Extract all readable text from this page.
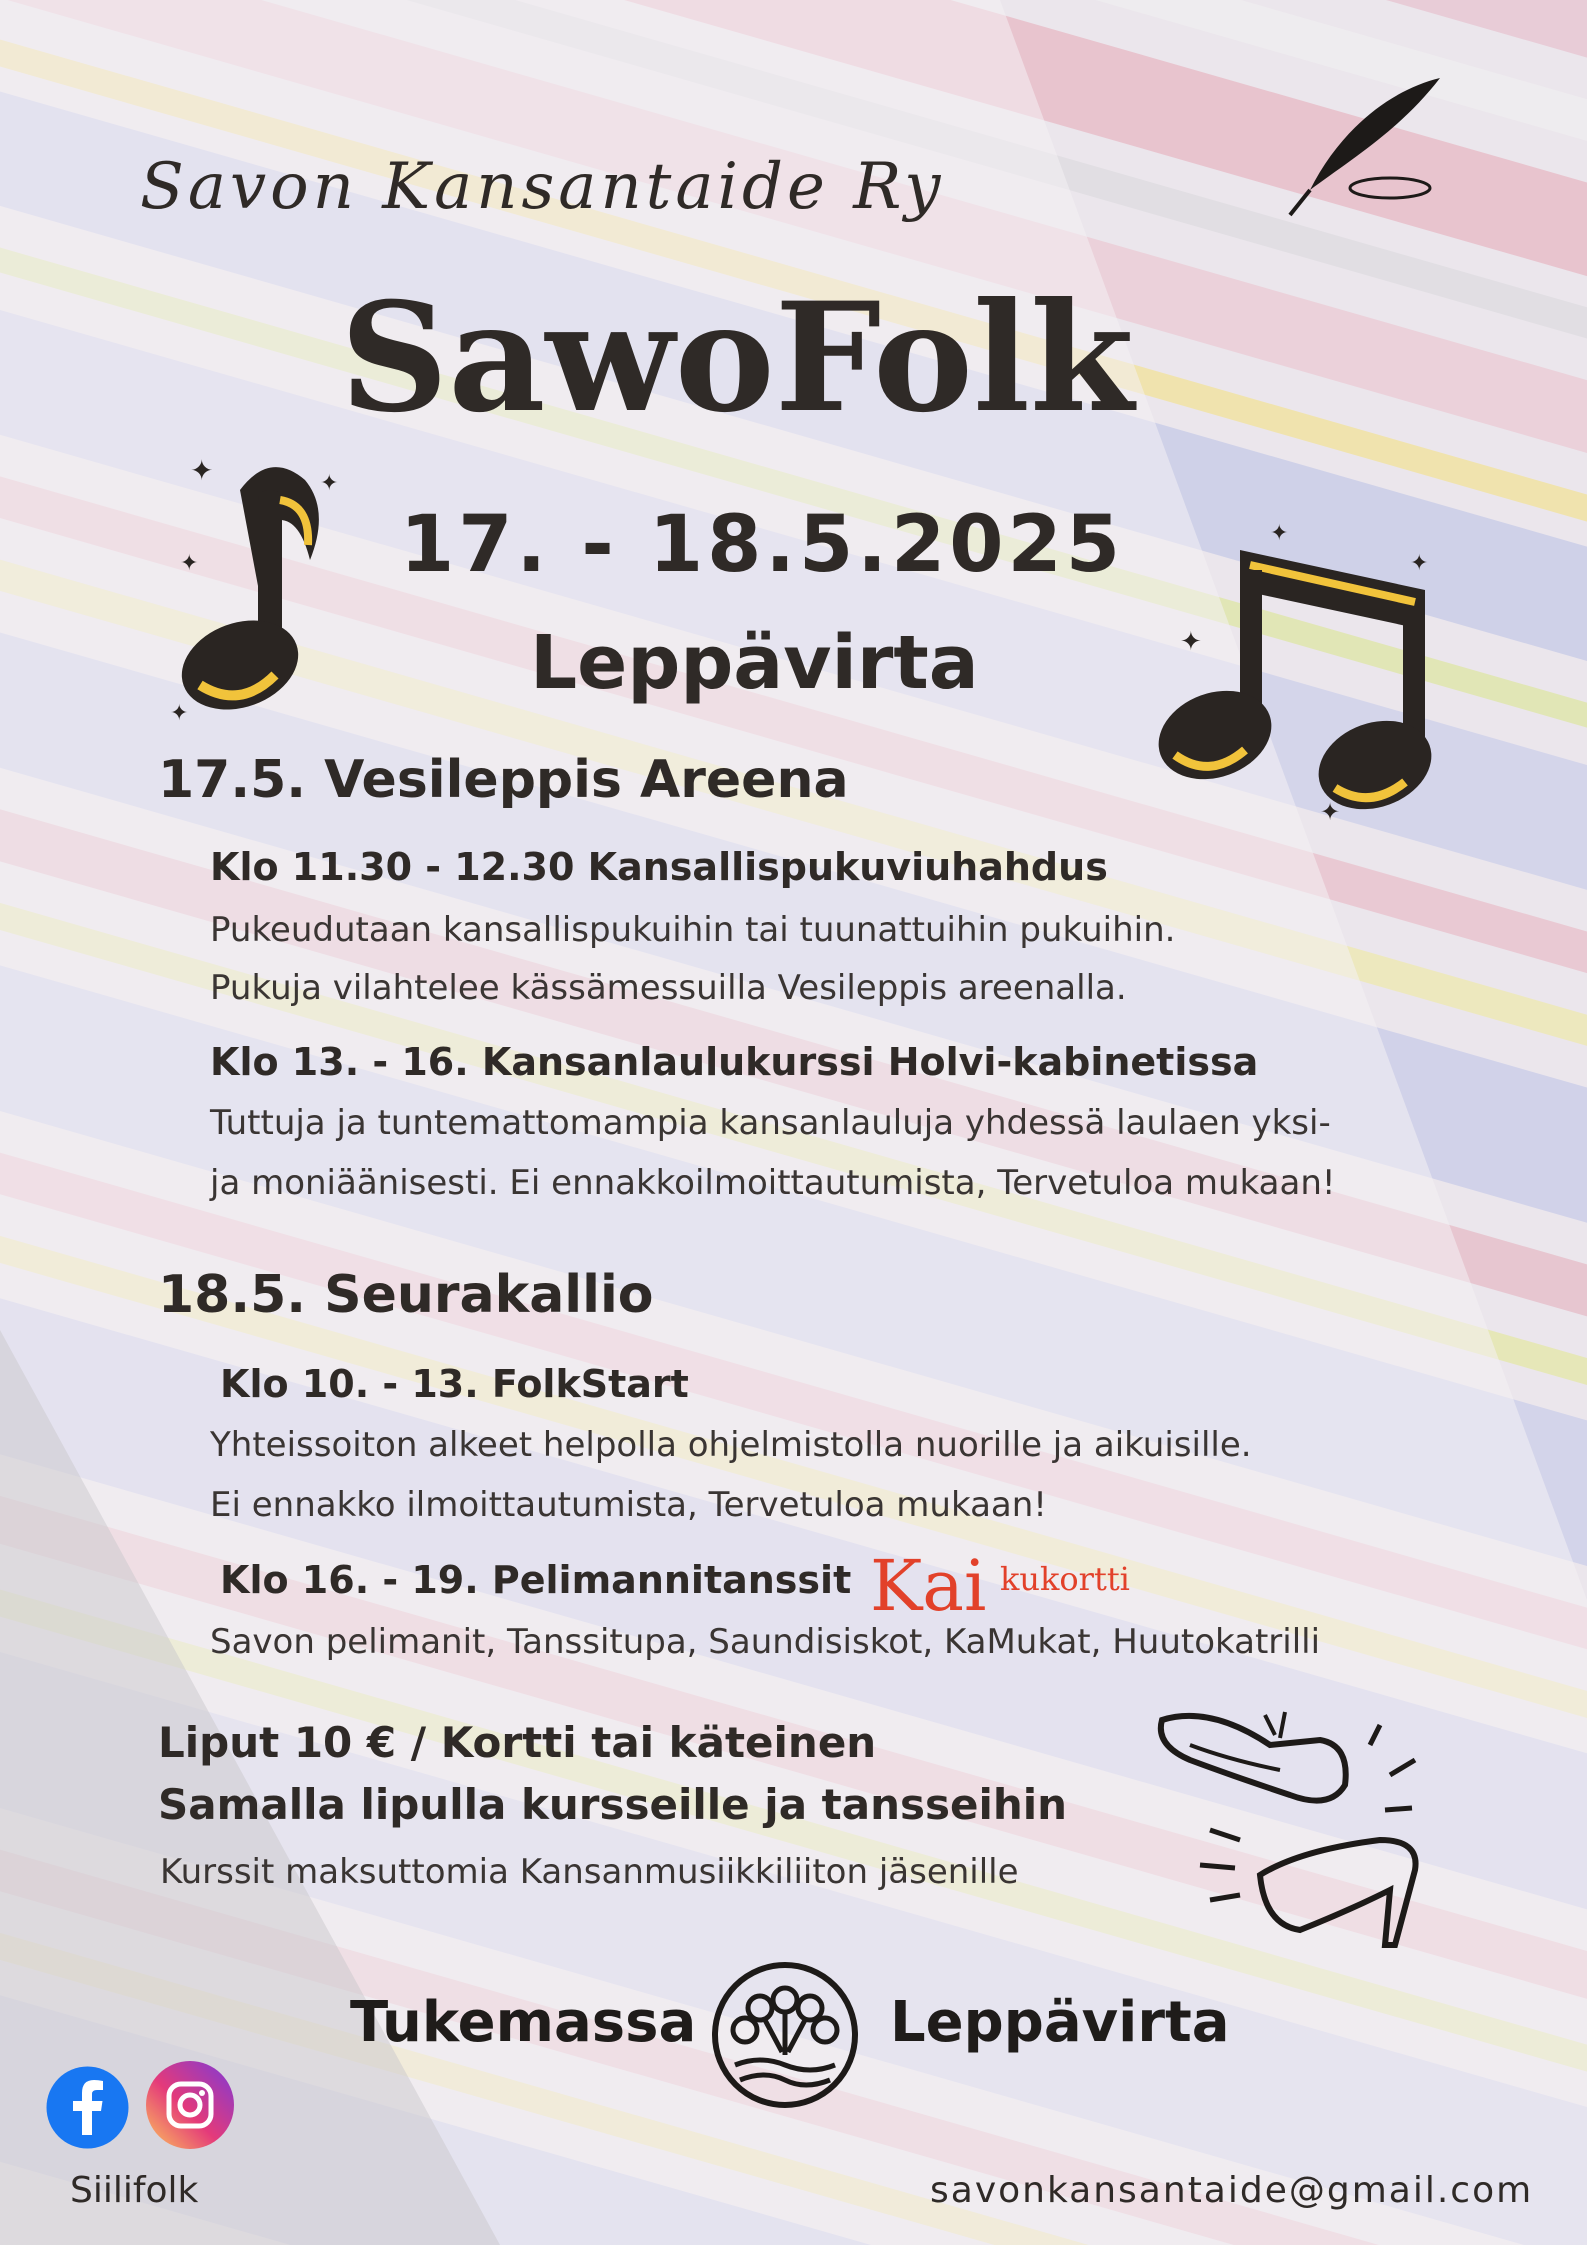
Savon Kansantaide Ry
SawoFolk
17. - 18.5.2025
Leppävirta
✦	✦
✦
✦
✦
✦
✦
✦
17.5. Vesileppis Areena
Klo 11.30 - 12.30 Kansallispukuviuhahdus
Pukeudutaan kansallispukuihin tai tuunattuihin pukuihin.
Pukuja vilahtelee kässämessuilla Vesileppis areenalla.
Klo 13. - 16. Kansanlaulukurssi Holvi-kabinetissa
Tuttuja ja tuntemattomampia kansanlauluja yhdessä laulaen yksi-
ja moniäänisesti. Ei ennakkoilmoittautumista, Tervetuloa mukaan!
18.5. Seurakallio
Klo 10. - 13. FolkStart
Yhteissoiton alkeet helpolla ohjelmistolla nuorille ja aikuisille.
Ei ennakko ilmoittautumista, Tervetuloa mukaan!
Klo 16. - 19. Pelimannitanssit Kai kukortti
Savon pelimanit, Tanssitupa, Saundisiskot, KaMukat, Huutokatrilli
Liput 10 € / Kortti tai käteinen
Samalla lipulla kursseille ja tansseihin
Kurssit maksuttomia Kansanmusiikkiliiton jäsenille
Tukemassa	Leppävirta
Siilifolk	savonkansantaide@gmail.com
